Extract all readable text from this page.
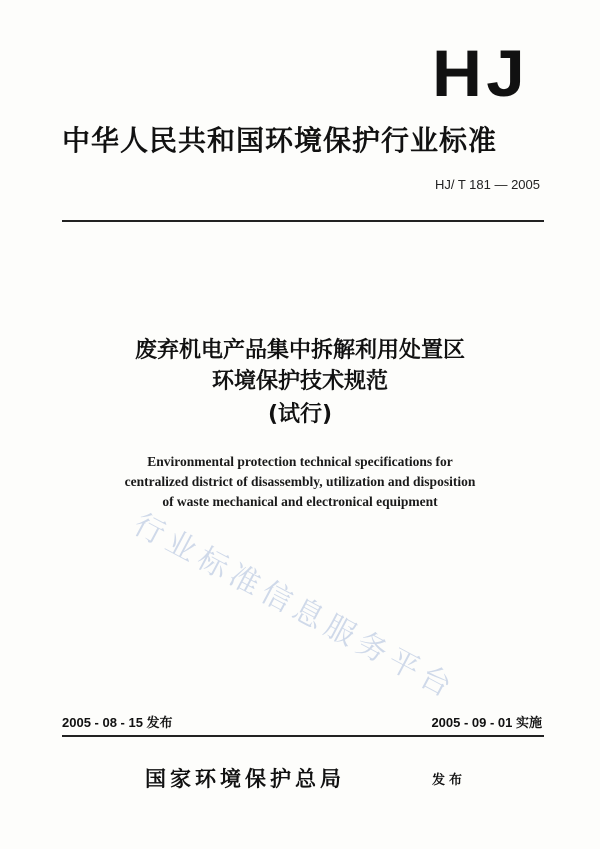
HJ
中华人民共和国环境保护行业标准
HJ/ T 181 — 2005
废弃机电产品集中拆解利用处置区
环境保护技术规范
(试行)
Environmental protection technical specifications for
centralized district of disassembly, utilization and disposition
of waste mechanical and electronical equipment
行业标准信息服务平台
2005 - 08 - 15 发布	2005 - 09 - 01 实施
国家环境保护总局	发布
